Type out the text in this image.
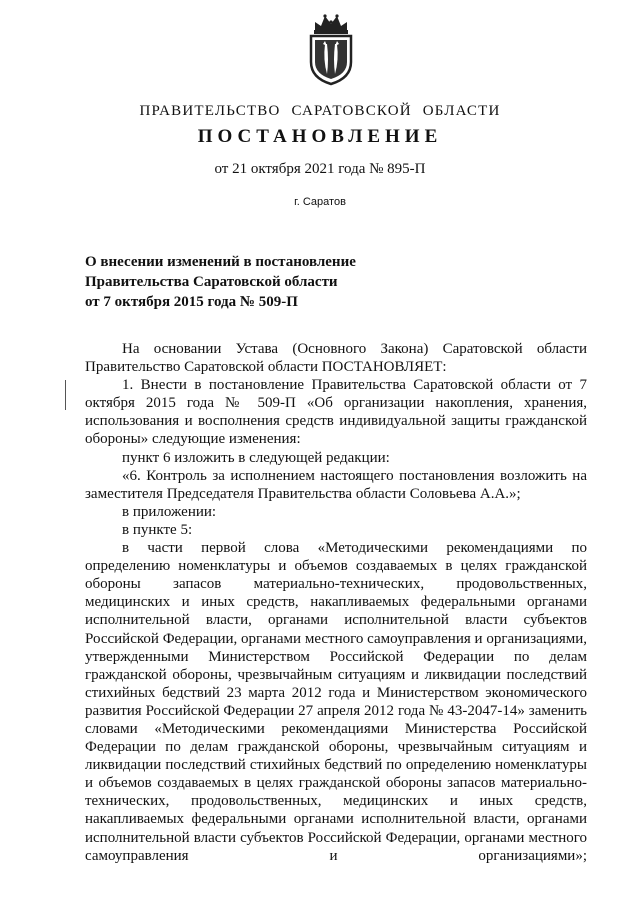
ПРАВИТЕЛЬСТВО САРАТОВСКОЙ ОБЛАСТИ
ПОСТАНОВЛЕНИЕ
от 21 октября 2021 года № 895-П
г. Саратов
О внесении изменений в постановление
Правительства Саратовской области
от 7 октября 2015 года № 509-П

На основании Устава (Основного Закона) Саратовской области Правительство Саратовской области ПОСТАНОВЛЯЕТ:

1. Внести в постановление Правительства Саратовской области от 7 октября 2015 года № 509-П «Об организации накопления, хранения, использования и восполнения средств индивидуальной защиты гражданской обороны» следующие изменения:

пункт 6 изложить в следующей редакции:

«6. Контроль за исполнением настоящего постановления возложить на заместителя Председателя Правительства области Соловьева А.А.»;

в приложении:

в пункте 5:

в части первой слова «Методическими рекомендациями по определению номенклатуры и объемов создаваемых в целях гражданской обороны запасов материально-технических, продовольственных, медицинских и иных средств, накапливаемых федеральными органами исполнительной власти, органами исполнительной власти субъектов Российской Федерации, органами местного самоуправления и организациями, утвержденными Министерством Российской Федерации по делам гражданской обороны, чрезвычайным ситуациям и ликвидации последствий стихийных бедствий 23 марта 2012 года и Министерством экономического развития Российской Федерации 27 апреля 2012 года № 43-2047-14» заменить словами «Методическими рекомендациями Министерства Российской Федерации по делам гражданской обороны, чрезвычайным ситуациям и ликвидации последствий стихийных бедствий по определению номенклатуры и объемов создаваемых в целях гражданской обороны запасов материально-технических, продовольственных, медицинских и иных средств, накапливаемых федеральными органами исполнительной власти, органами исполнительной власти субъектов Российской Федерации, органами местного самоуправления и организациями»;
